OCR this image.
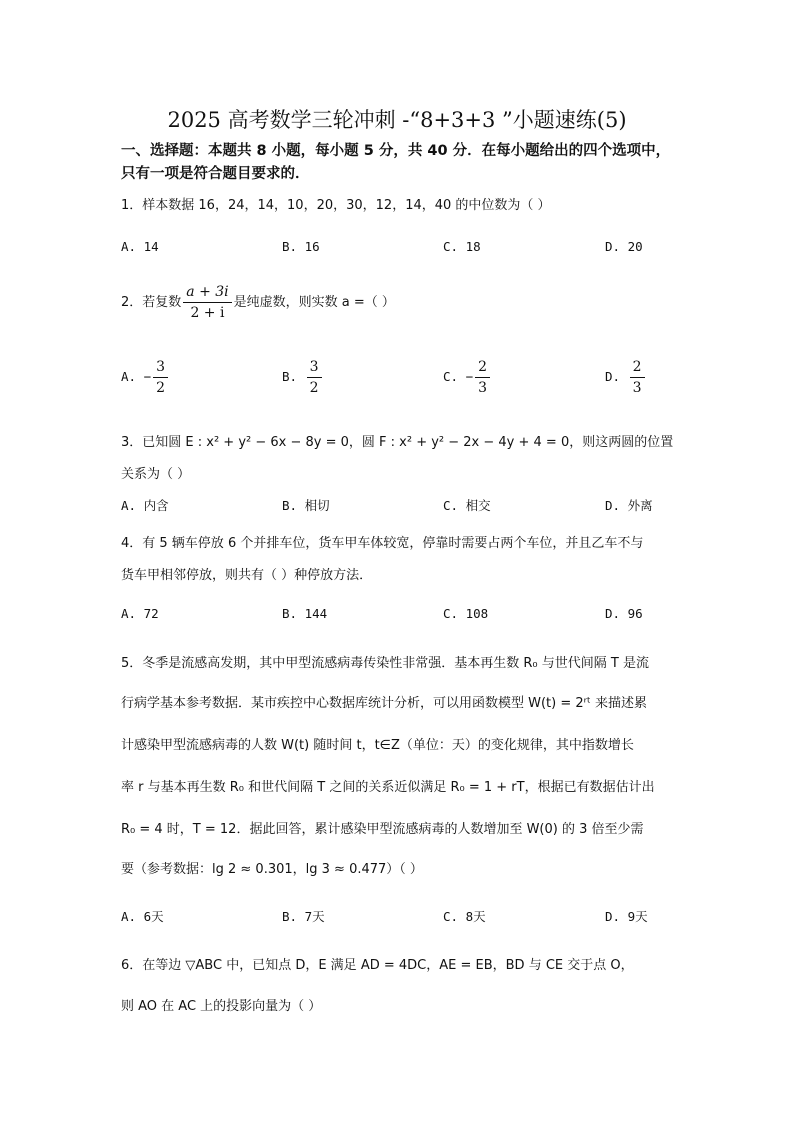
2025 高考数学三轮冲刺 -“8+3+3 ”小题速练(5)
一、选择题：本题共 8 小题，每小题 5 分，共 40 分．在每小题给出的四个选项中，只有一项是符合题目要求的．
1．样本数据 16，24，14，10，20，30，12，14，40 的中位数为（ ）
A. 14	B. 16	C. 18	D. 20
2．若复数 $\frac{a + 3i}{2 + i}$ 是纯虚数，则实数 a =（ ）
A. − $\frac{3}{2}$	B. $\frac{3}{2}$	C. − $\frac{2}{3}$	D. $\frac{2}{3}$
3．已知圆 E : x² + y² − 6x − 8y = 0，圆 F : x² + y² − 2x − 4y + 4 = 0，则这两圆的位置
关系为（ ）
A. 内含	B. 相切	C. 相交	D. 外离
4．有 5 辆车停放 6 个并排车位，货车甲车体较宽，停靠时需要占两个车位，并且乙车不与
货车甲相邻停放，则共有（ ）种停放方法．
A. 72	B. 144	C. 108	D. 96
5．冬季是流感高发期，其中甲型流感病毒传染性非常强．基本再生数 R₀ 与世代间隔 T 是流
行病学基本参考数据．某市疾控中心数据库统计分析，可以用函数模型 W(t) = 2ʳᵗ 来描述累
计感染甲型流感病毒的人数 W(t) 随时间 t，t∈Z（单位：天）的变化规律，其中指数增长
率 r 与基本再生数 R₀ 和世代间隔 T 之间的关系近似满足 R₀ = 1 + rT，根据已有数据估计出
R₀ = 4 时，T = 12．据此回答，累计感染甲型流感病毒的人数增加至 W(0) 的 3 倍至少需
要（参考数据：lg 2 ≈ 0.301，lg 3 ≈ 0.477）（ ）
A. 6天	B. 7天	C. 8天	D. 9天
6．在等边 ▽ABC 中，已知点 D，E 满足 AD = 4DC，AE = EB，BD 与 CE 交于点 O，
则 AO 在 AC 上的投影向量为（ ）
